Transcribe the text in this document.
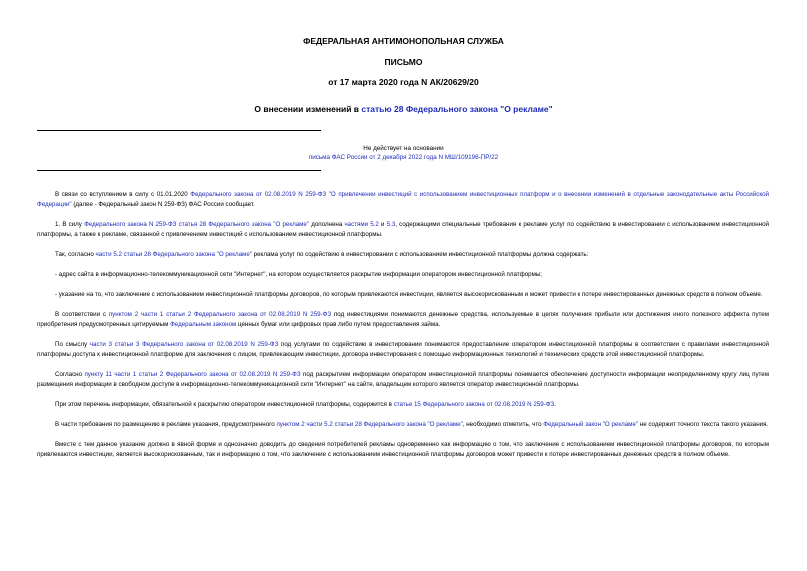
ФЕДЕРАЛЬНАЯ АНТИМОНОПОЛЬНАЯ СЛУЖБА
ПИСЬМО
от 17 марта 2020 года N АК/20629/20
О внесении изменений в статью 28 Федерального закона "О рекламе"
Не действует на основании
письма ФАС России от 2 декабря 2022 года N МШ/109196-ПР/22

В связи со вступлением в силу с 01.01.2020 Федерального закона от 02.08.2019 N 259-ФЗ "О привлечении инвестиций с использованием инвестиционных платформ и о внесении изменений в отдельные законодательные акты Российской Федерации" (далее - Федеральный закон N 259-ФЗ) ФАС России сообщает.

1. В силу Федерального закона N 259-ФЗ статья 28 Федерального закона "О рекламе" дополнена частями 5.2 и 5.3, содержащими специальные требования к рекламе услуг по содействию в инвестировании с использованием инвестиционной платформы, а также к рекламе, связанной с привлечением инвестиций с использованием инвестиционной платформы.

Так, согласно части 5.2 статьи 28 Федерального закона "О рекламе" реклама услуг по содействию в инвестировании с использованием инвестиционной платформы должна содержать:

- адрес сайта в информационно-телекоммуникационной сети "Интернет", на котором осуществляется раскрытие информации оператором инвестиционной платформы;

- указание на то, что заключение с использованием инвестиционной платформы договоров, по которым привлекаются инвестиции, является высокорискованным и может привести к потере инвестированных денежных средств в полном объеме.

В соответствии с пунктом 2 части 1 статьи 2 Федерального закона от 02.08.2019 N 259-ФЗ под инвестициями понимаются денежные средства, используемые в целях получения прибыли или достижения иного полезного эффекта путем приобретения предусмотренных цитируемым Федеральным законом ценных бумаг или цифровых прав либо путем предоставления займа.

По смыслу части 3 статьи 3 Федерального закона от 02.08.2019 N 259-ФЗ под услугами по содействию в инвестировании понимаются предоставление оператором инвестиционной платформы в соответствии с правилами инвестиционной платформы доступа к инвестиционной платформе для заключения с лицом, привлекающим инвестиции, договора инвестирования с помощью информационных технологий и технических средств этой инвестиционной платформы.

Согласно пункту 11 части 1 статьи 2 Федерального закона от 02.08.2019 N 259-ФЗ под раскрытием информации оператором инвестиционной платформы понимается обеспечение доступности информации неопределенному кругу лиц путем размещения информации в свободном доступе в информационно-телекоммуникационной сети "Интернет" на сайте, владельцем которого является оператор инвестиционной платформы.

При этом перечень информации, обязательной к раскрытию оператором инвестиционной платформы, содержится в статье 15 Федерального закона от 02.08.2019 N 259-ФЗ.

В части требования по размещению в рекламе указания, предусмотренного пунктом 2 части 5.2 статьи 28 Федерального закона "О рекламе", необходимо отметить, что Федеральный закон "О рекламе" не содержит точного текста такого указания.

Вместе с тем данное указание должно в явной форме и однозначно доводить до сведения потребителей рекламы одновременно как информацию о том, что заключение с использованием инвестиционной платформы договоров, по которым привлекаются инвестиции, является высокорискованным, так и информацию о том, что заключение с использованием инвестиционной платформы договоров может привести к потере инвестированных денежных средств в полном объеме.
